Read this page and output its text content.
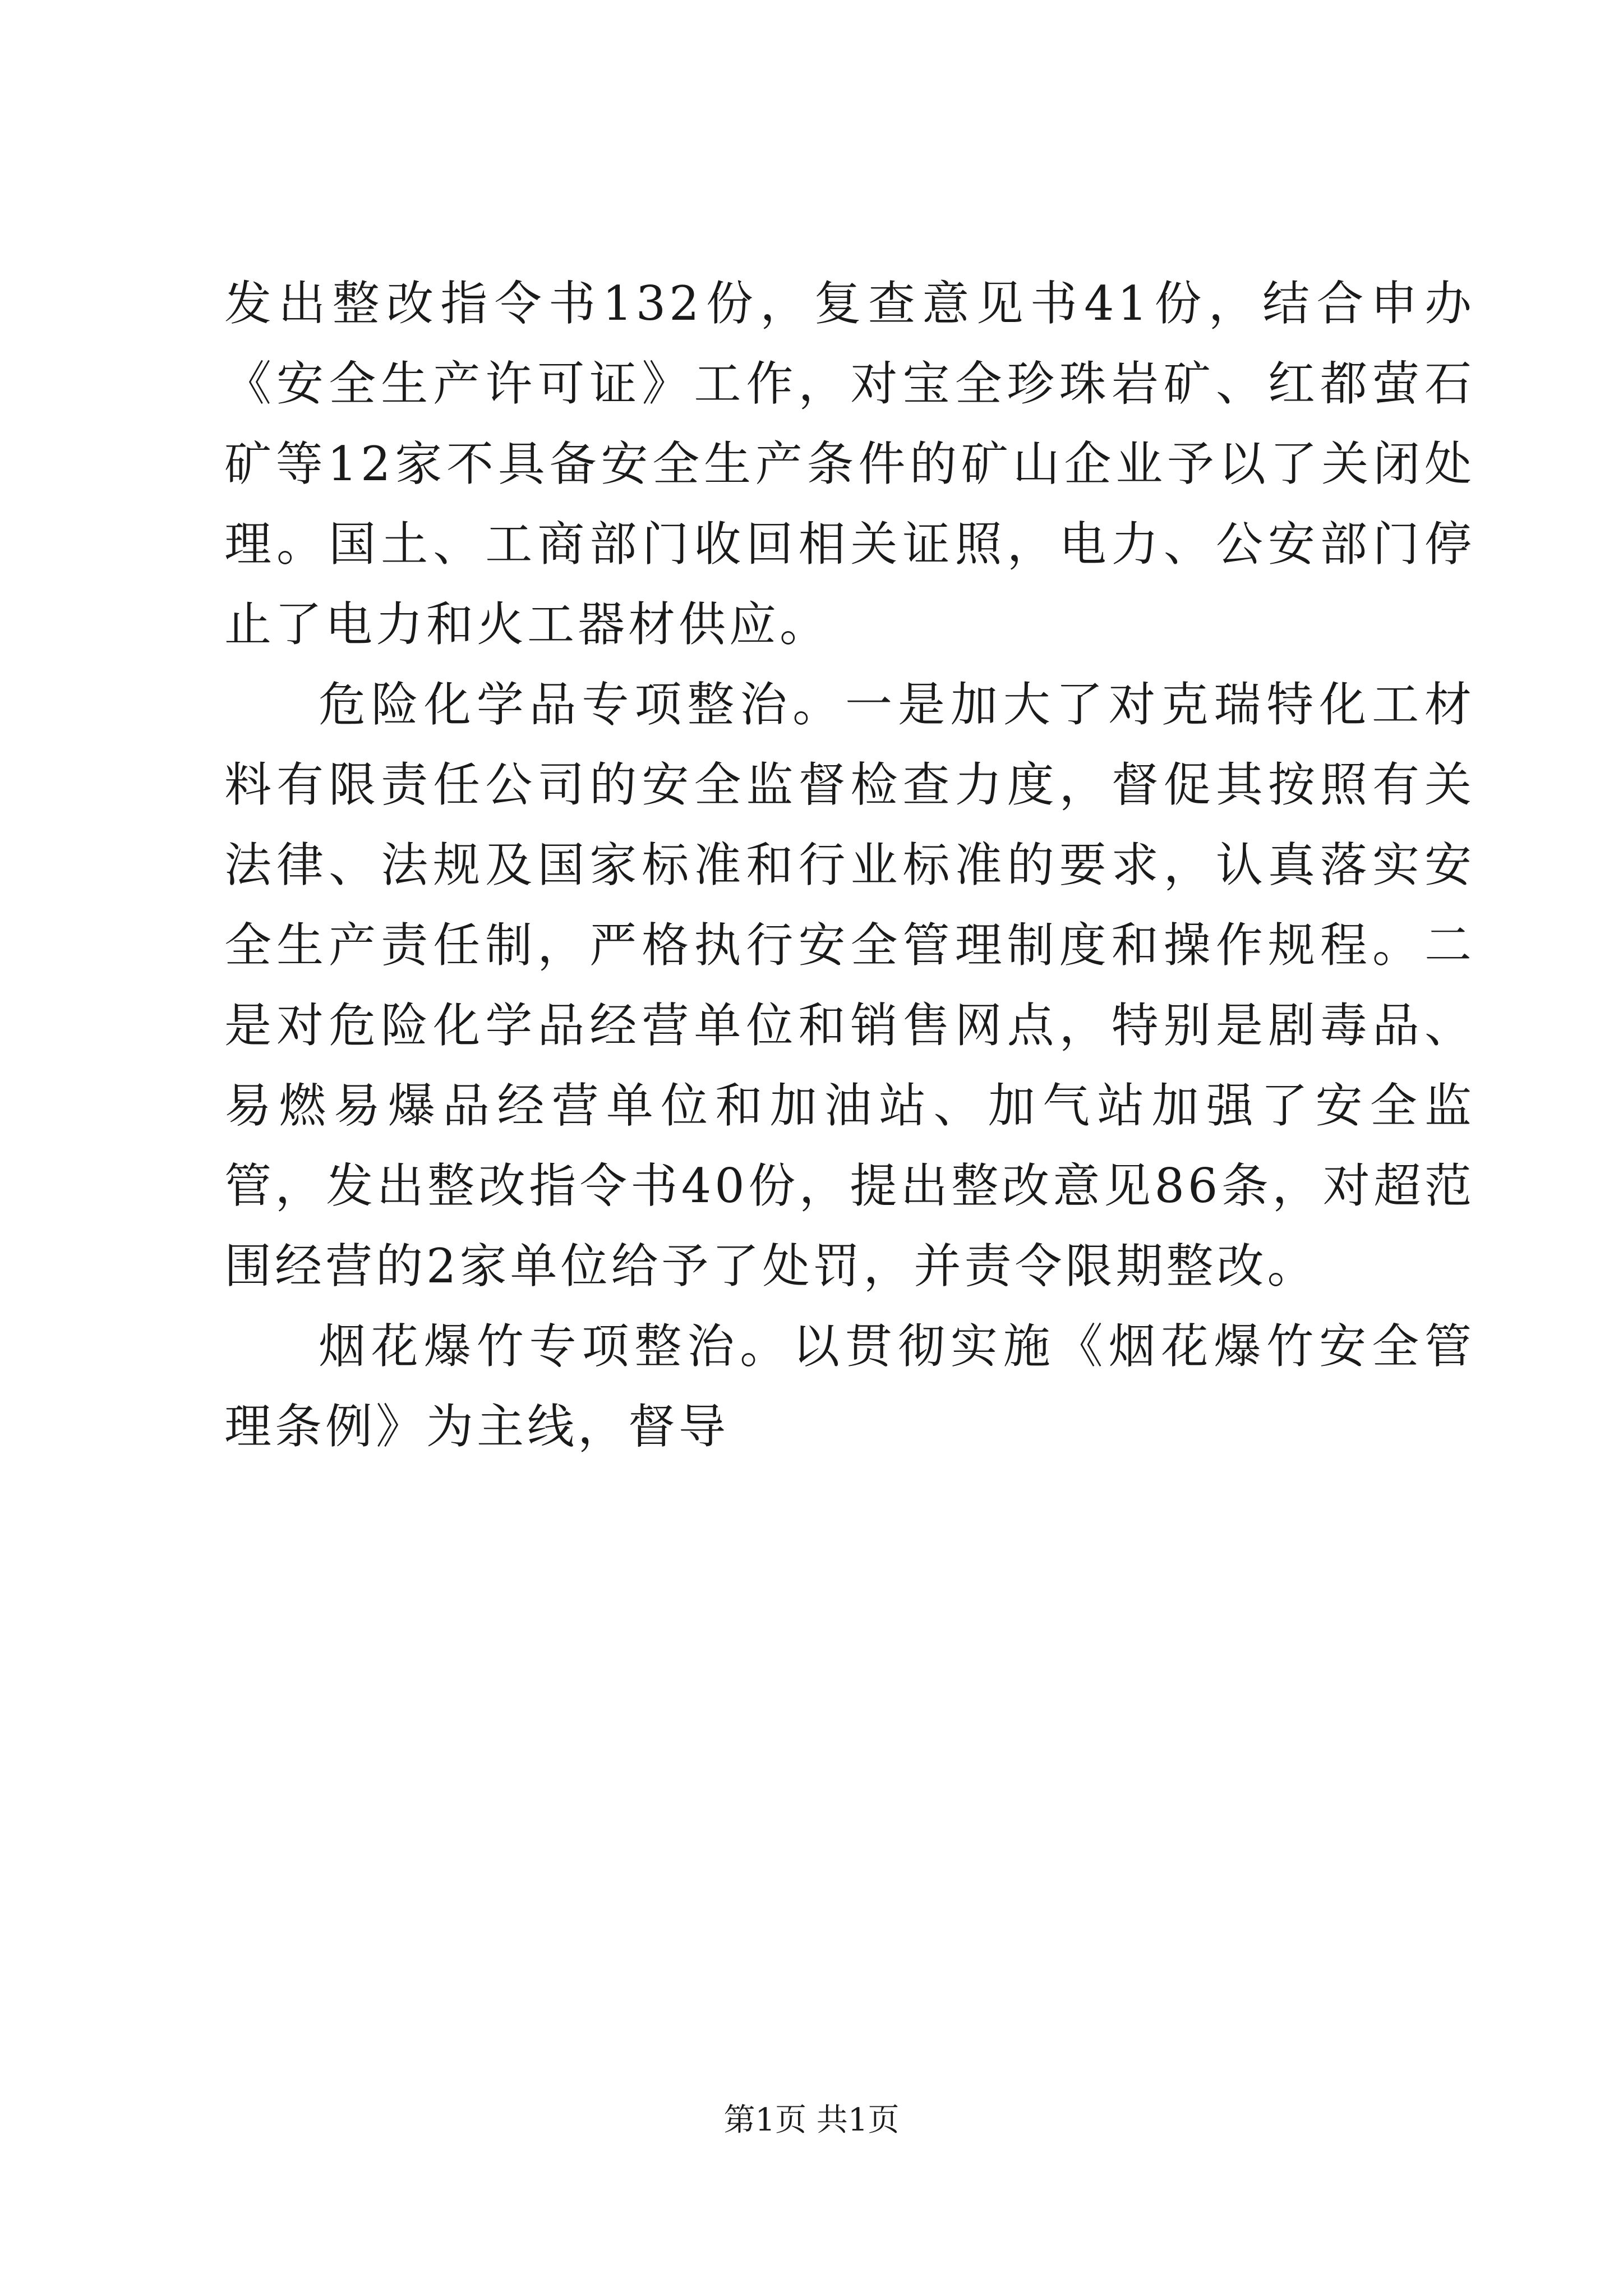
发出整改指令书132份，复查意见书41份，结合申办《安全生产许可证》工作，对宝全珍珠岩矿、红都萤石矿等12家不具备安全生产条件的矿山企业予以了关闭处理。国土、工商部门收回相关证照，电力、公安部门停止了电力和火工器材供应。

危险化学品专项整治。一是加大了对克瑞特化工材料有限责任公司的安全监督检查力度，督促其按照有关法律、法规及国家标准和行业标准的要求，认真落实安全生产责任制，严格执行安全管理制度和操作规程。二是对危险化学品经营单位和销售网点，特别是剧毒品、易燃易爆品经营单位和加油站、加气站加强了安全监管，发出整改指令书40份，提出整改意见86条，对超范围经营的2家单位给予了处罚，并责令限期整改。

烟花爆竹专项整治。以贯彻实施《烟花爆竹安全管理条例》为主线，督导

第1页 共1页
